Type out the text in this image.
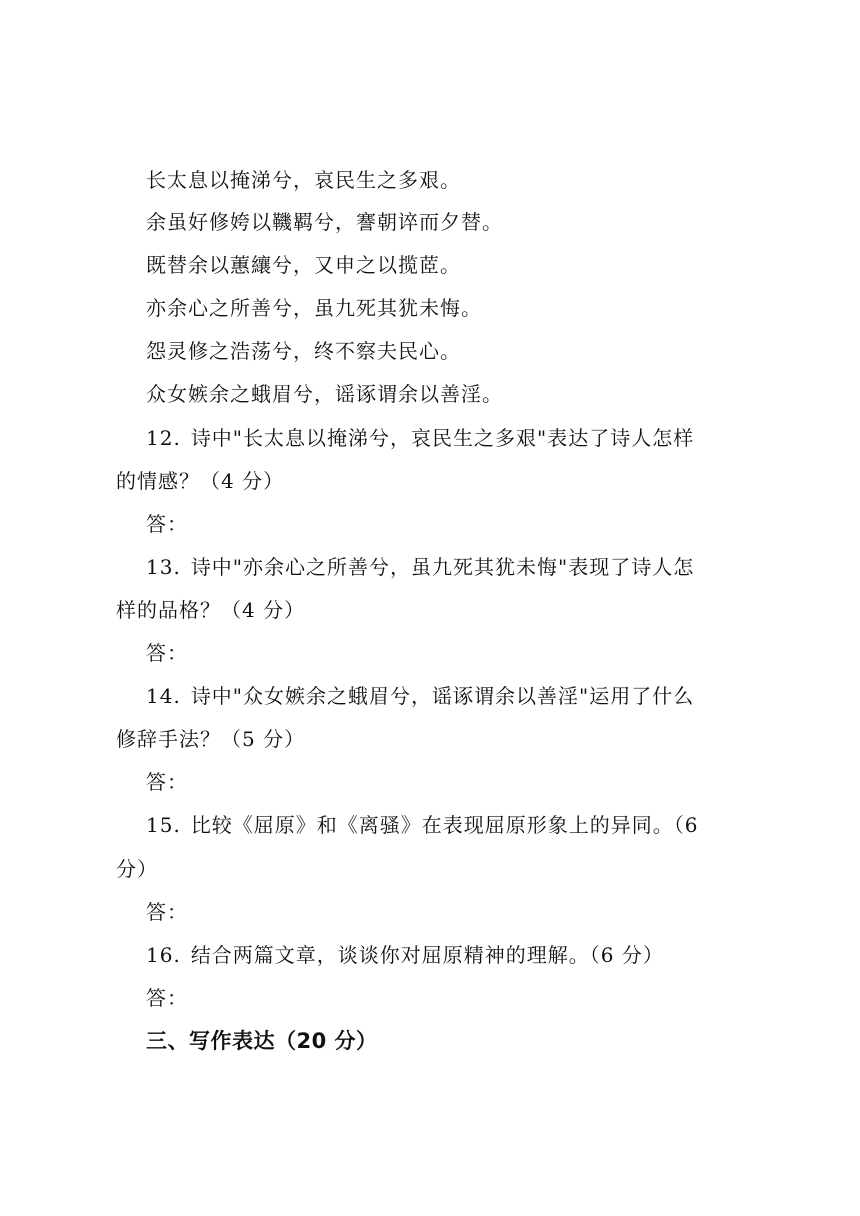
长太息以掩涕兮，哀民生之多艰。
余虽好修姱以鞿羁兮，謇朝谇而夕替。
既替余以蕙纕兮，又申之以揽茝。
亦余心之所善兮，虽九死其犹未悔。
怨灵修之浩荡兮，终不察夫民心。
众女嫉余之蛾眉兮，谣诼谓余以善淫。
12. 诗中"长太息以掩涕兮，哀民生之多艰"表达了诗人怎样
的情感？（4 分）
答：
13. 诗中"亦余心之所善兮，虽九死其犹未悔"表现了诗人怎
样的品格？（4 分）
答：
14. 诗中"众女嫉余之蛾眉兮，谣诼谓余以善淫"运用了什么
修辞手法？（5 分）
答：
15. 比较《屈原》和《离骚》在表现屈原形象上的异同。（6
分）
答：
16. 结合两篇文章，谈谈你对屈原精神的理解。（6 分）
答：
三、写作表达（20 分）
